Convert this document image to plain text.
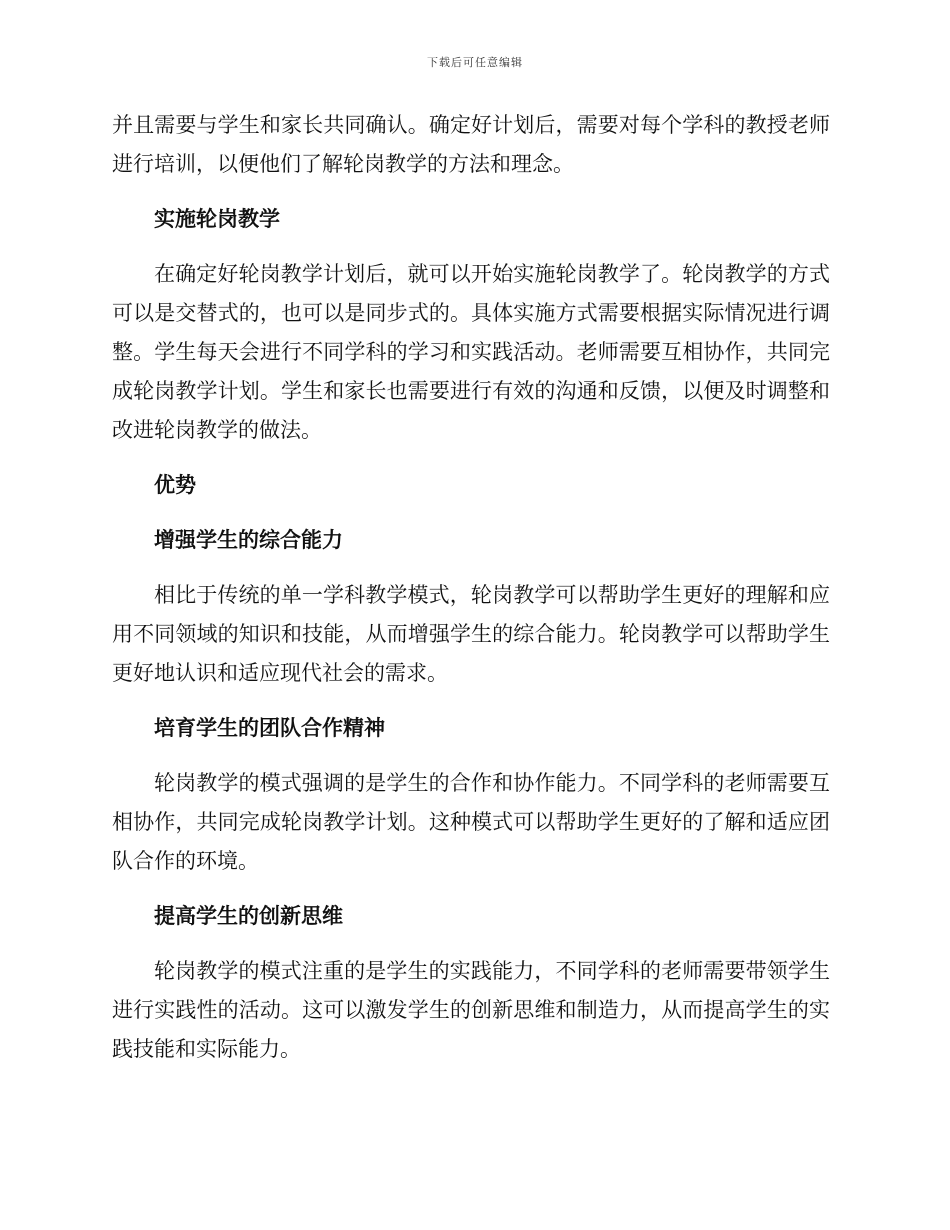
下载后可任意编辑

并且需要与学生和家长共同确认。确定好计划后，需要对每个学科的教授老师进行培训，以便他们了解轮岗教学的方法和理念。

实施轮岗教学

在确定好轮岗教学计划后，就可以开始实施轮岗教学了。轮岗教学的方式可以是交替式的，也可以是同步式的。具体实施方式需要根据实际情况进行调整。学生每天会进行不同学科的学习和实践活动。老师需要互相协作，共同完成轮岗教学计划。学生和家长也需要进行有效的沟通和反馈，以便及时调整和改进轮岗教学的做法。

优势
增强学生的综合能力

相比于传统的单一学科教学模式，轮岗教学可以帮助学生更好的理解和应用不同领域的知识和技能，从而增强学生的综合能力。轮岗教学可以帮助学生更好地认识和适应现代社会的需求。

培育学生的团队合作精神

轮岗教学的模式强调的是学生的合作和协作能力。不同学科的老师需要互相协作，共同完成轮岗教学计划。这种模式可以帮助学生更好的了解和适应团队合作的环境。

提高学生的创新思维

轮岗教学的模式注重的是学生的实践能力，不同学科的老师需要带领学生进行实践性的活动。这可以激发学生的创新思维和制造力，从而提高学生的实践技能和实际能力。
